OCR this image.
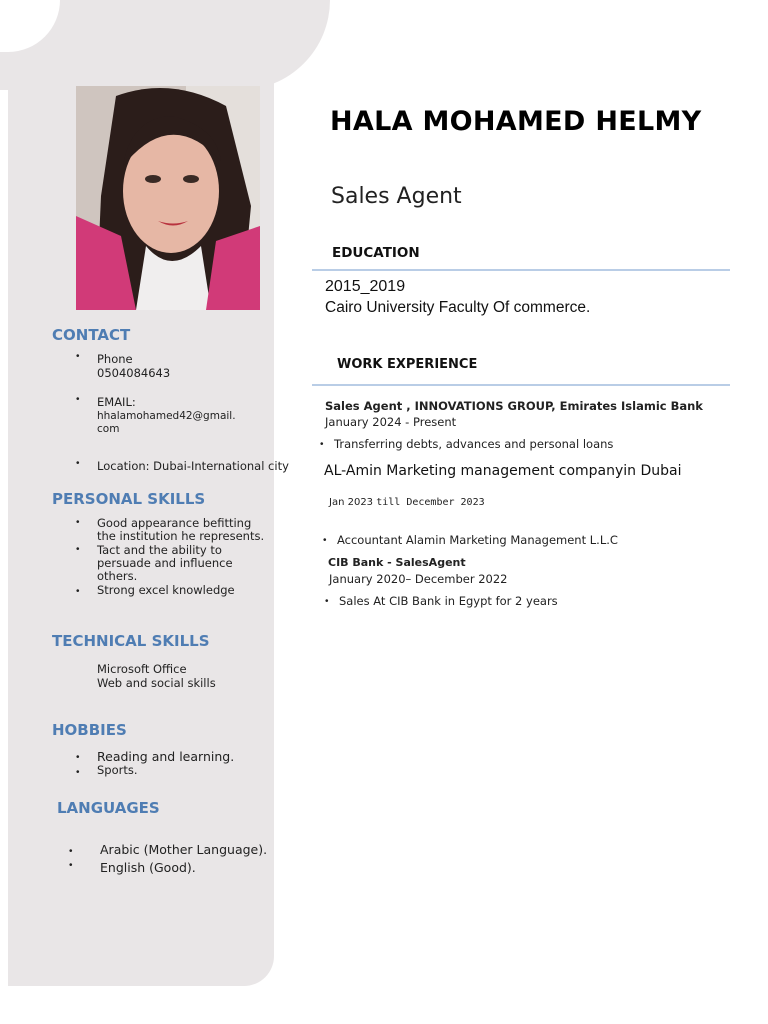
CONTACT
• Phone
0504084643
• EMAIL:
hhalamohamed42@gmail.
com
• Location: Dubai-International city
PERSONAL SKILLS
• Good appearance befitting
the institution he represents.
• Tact and the ability to
persuade and influence
others.
• Strong excel knowledge
TECHNICAL SKILLS
Microsoft Office
Web and social skills
HOBBIES
• Reading and learning.
• Sports.
LANGUAGES
• Arabic (Mother Language).
• English (Good).
HALA MOHAMED HELMY
Sales Agent
EDUCATION
2015_2019
Cairo University Faculty Of commerce.
WORK EXPERIENCE
Sales Agent , INNOVATIONS GROUP, Emirates Islamic Bank
January 2024 - Present
• Transferring debts, advances and personal loans
AL-Amin Marketing management companyin Dubai
Jan 2023 till December 2023
• Accountant Alamin Marketing Management L.L.C
CIB Bank - SalesAgent
January 2020– December 2022
• Sales At CIB Bank in Egypt for 2 years
